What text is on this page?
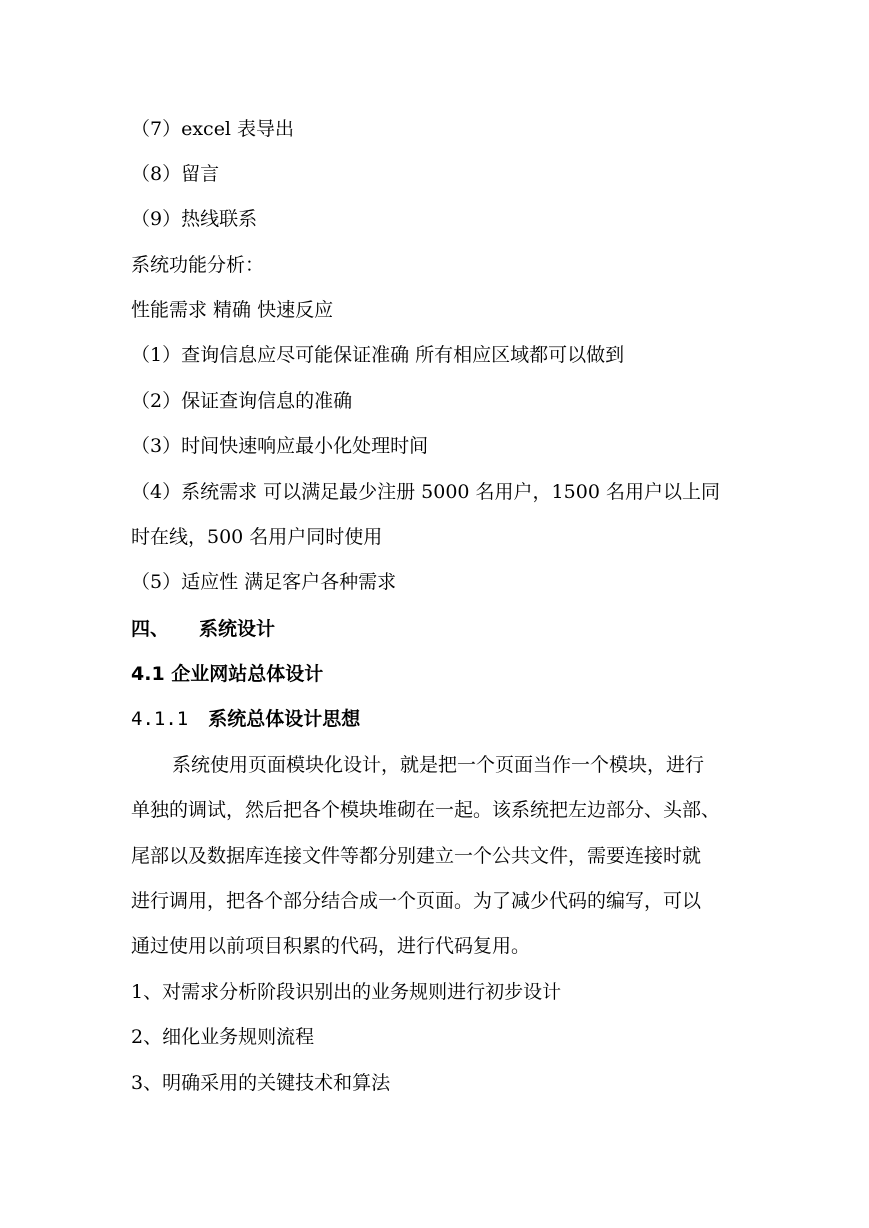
（7）excel 表导出
（8）留言
（9）热线联系
系统功能分析：
性能需求 精确 快速反应
（1）查询信息应尽可能保证准确 所有相应区域都可以做到
（2）保证查询信息的准确
（3）时间快速响应最小化处理时间
（4）系统需求 可以满足最少注册 5000 名用户，1500 名用户以上同
时在线，500 名用户同时使用
（5）适应性 满足客户各种需求
四、 系统设计
4.1 企业网站总体设计
4.1.1 系统总体设计思想
系统使用页面模块化设计，就是把一个页面当作一个模块，进行
单独的调试，然后把各个模块堆砌在一起。该系统把左边部分、头部、
尾部以及数据库连接文件等都分别建立一个公共文件，需要连接时就
进行调用，把各个部分结合成一个页面。为了减少代码的编写，可以
通过使用以前项目积累的代码，进行代码复用。
1、对需求分析阶段识别出的业务规则进行初步设计
2、细化业务规则流程
3、明确采用的关键技术和算法
